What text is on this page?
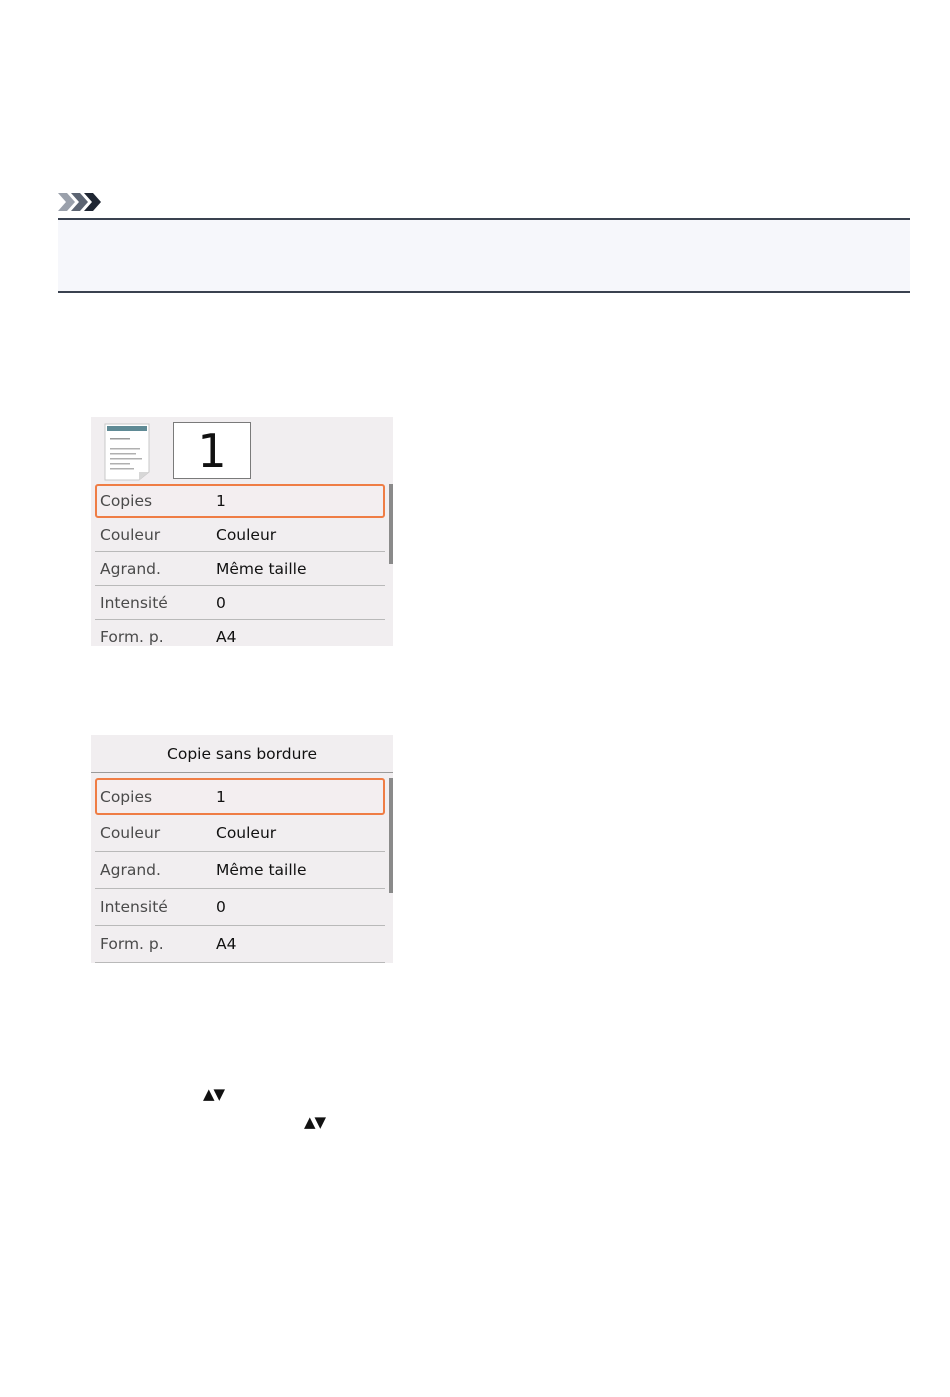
1
Copies	1
Couleur	Couleur
Agrand.	Même taille
Intensité	0
Form. p.	A4
Copie sans bordure
Copies	1
Couleur	Couleur
Agrand.	Même taille
Intensité	0
Form. p.	A4
▲▼
▲▼
